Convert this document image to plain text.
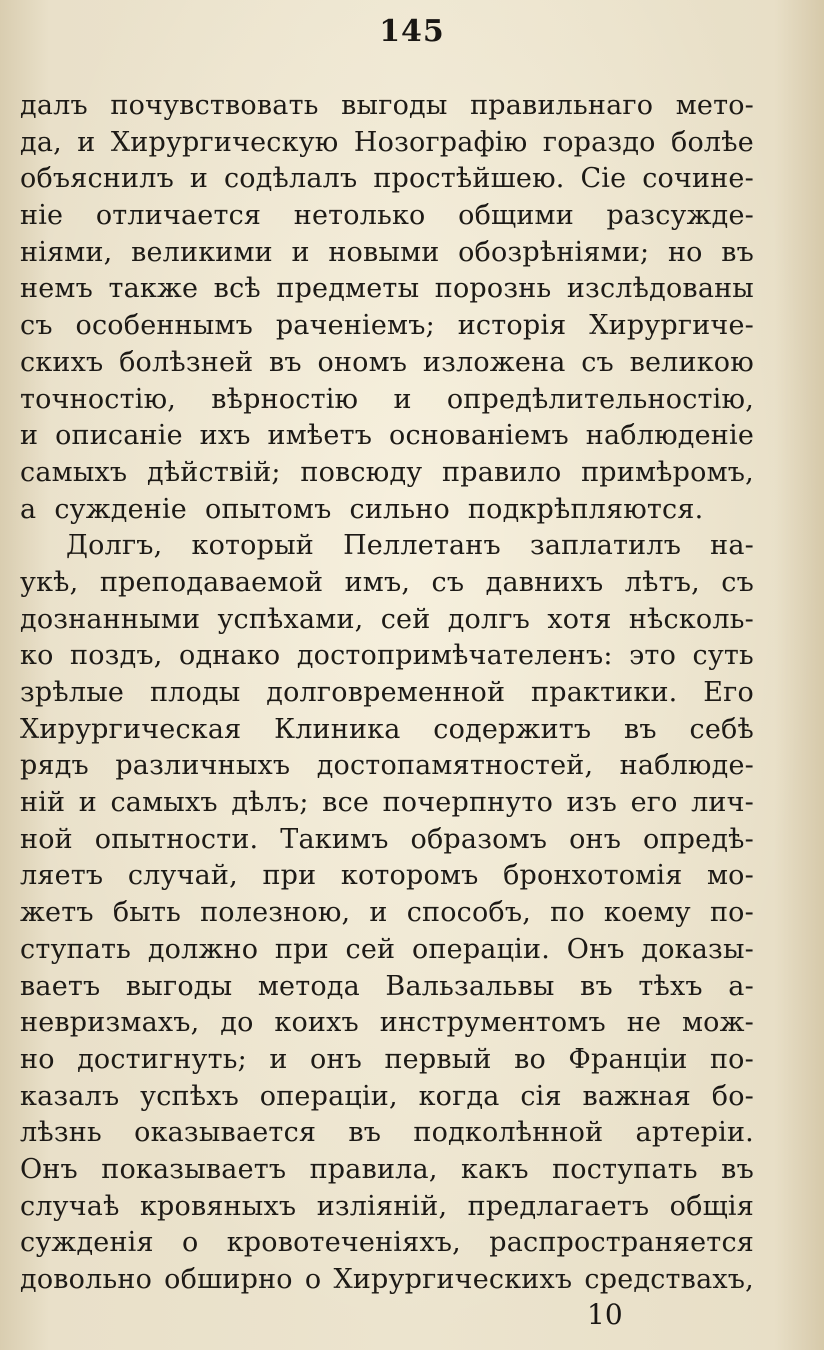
145
далъ почувствовать выгоды правильнаго мето-
да, и Хирургическую Нозографію гораздо болѣе
объяснилъ и содѣлалъ простѣйшею. Сіе сочине-
ніе отличается нетолько общими разсужде-
ніями, великими и новыми обозрѣніями; но въ
немъ также всѣ предметы порознь изслѣдованы
съ особеннымъ раченіемъ; исторія Хирургиче-
скихъ болѣзней въ ономъ изложена съ великою
точностію, вѣрностію и опредѣлительностію,
и описаніе ихъ имѣетъ основаніемъ наблюденіе
самыхъ дѣйствій; повсюду правило примѣромъ,
а сужденіе опытомъ сильно подкрѣпляются.
Долгъ, который Пеллетанъ заплатилъ на-
укѣ, преподаваемой имъ, съ давнихъ лѣтъ, съ
дознанными успѣхами, сей долгъ хотя нѣсколь-
ко поздъ, однако достопримѣчателенъ: это суть
зрѣлые плоды долговременной практики. Его
Хирургическая Клиника содержитъ въ себѣ
рядъ различныхъ достопамятностей, наблюде-
ній и самыхъ дѣлъ; все почерпнуто изъ его лич-
ной опытности. Такимъ образомъ онъ опредѣ-
ляетъ случай, при которомъ бронхотомія мо-
жетъ быть полезною, и способъ, по коему по-
ступать должно при сей операціи. Онъ доказы-
ваетъ выгоды метода Вальзальвы въ тѣхъ а-
невризмахъ, до коихъ инструментомъ не мож-
но достигнуть; и онъ первый во Франціи по-
казалъ успѣхъ операціи, когда сія важная бо-
лѣзнь оказывается въ подколѣнной артеріи.
Онъ показываетъ правила, какъ поступать въ
случаѣ кровяныхъ изліяній, предлагаетъ общія
сужденія о кровотеченіяхъ, распространяется
довольно обширно о Хирургическихъ средствахъ,
10
